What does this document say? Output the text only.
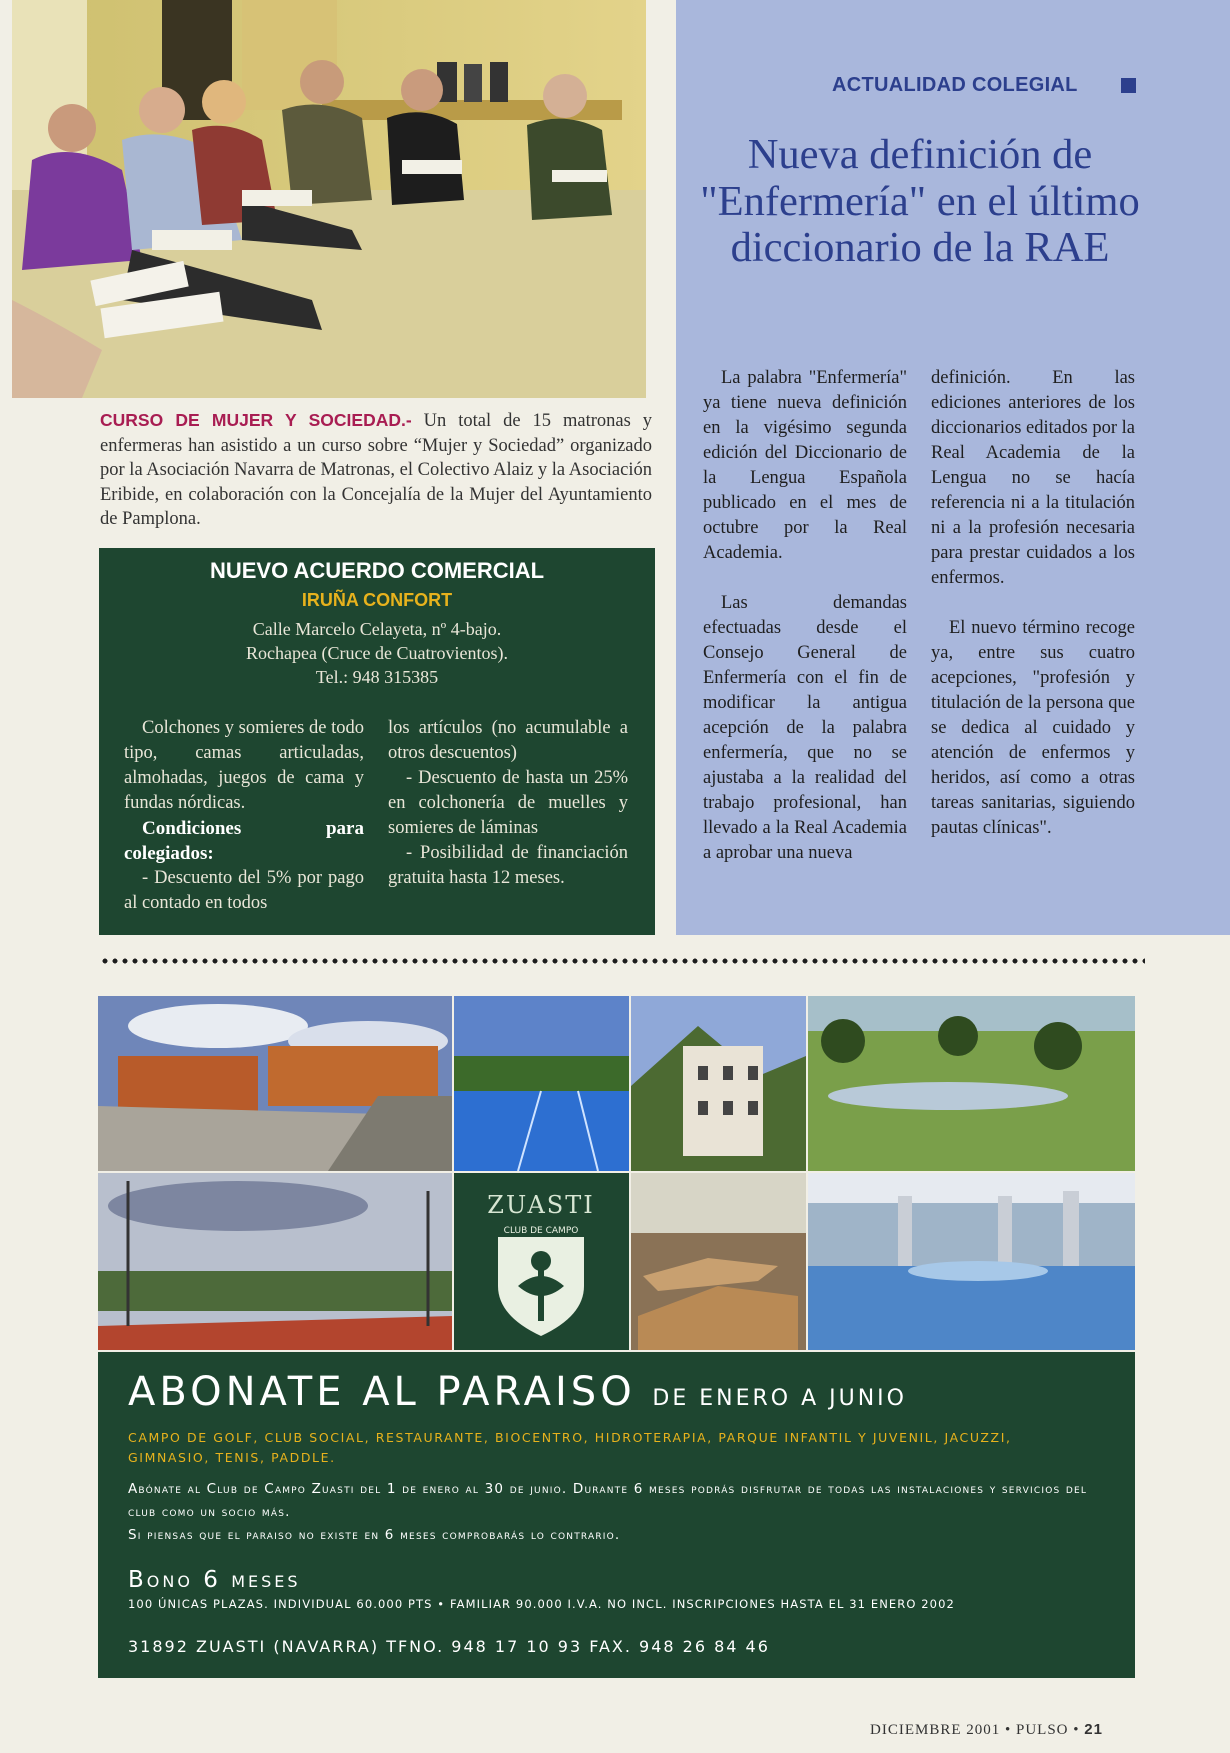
CURSO DE MUJER Y SOCIEDAD.- Un total de 15 matronas y enfermeras han asistido a un curso sobre “Mujer y Sociedad” organizado por la Asociación Navarra de Matronas, el Colectivo Alaiz y la Asociación Eribide, en colaboración con la Concejalía de la Mujer del Ayuntamiento de Pamplona.
NUEVO ACUERDO COMERCIAL
IRUÑA CONFORT
Calle Marcelo Celayeta, nº 4-bajo.
Rochapea (Cruce de Cuatrovientos).
Tel.: 948 315385
Colchones y somieres de todo tipo, camas articuladas, almohadas, juegos de cama y fundas nórdicas.
Condiciones para colegiados:
- Descuento del 5% por pago al contado en todos
los artículos (no acumulable a otros descuentos)
- Descuento de hasta un 25% en colchonería de muelles y somieres de láminas
- Posibilidad de financiación gratuita hasta 12 meses.
ACTUALIDAD COLEGIAL
Nueva definición de "Enfermería" en el último diccionario de la RAE

La palabra "Enfermería" ya tiene nueva definición en la vigésimo segunda edición del Diccionario de la Lengua Española publicado en el mes de octubre por la Real Academia.

Las demandas efectuadas desde el Consejo General de Enfermería con el fin de modificar la antigua acepción de la palabra enfermería, que no se ajustaba a la realidad del trabajo profesional, han llevado a la Real Academia a aprobar una nueva

definición. En las ediciones anteriores de los diccionarios editados por la Real Academia de la Lengua no se hacía referencia ni a la titulación ni a la profesión necesaria para prestar cuidados a los enfermos.

El nuevo término recoge ya, entre sus cuatro acepciones, "profesión y titulación de la persona que se dedica al cuidado y atención de enfermos y heridos, así como a otras tareas sanitarias, siguiendo pautas clínicas".

ZUASTI
CLUB DE CAMPO
ABONATE AL PARAISO DE ENERO A JUNIO
CAMPO DE GOLF, CLUB SOCIAL, RESTAURANTE, BIOCENTRO, HIDROTERAPIA, PARQUE INFANTIL Y JUVENIL, JACUZZI, GIMNASIO, TENIS, PADDLE.
Abónate al Club de Campo Zuasti del 1 de enero al 30 de junio. Durante 6 meses podrás disfrutar de todas las instalaciones y servicios del club como un socio más.
Si piensas que el paraiso no existe en 6 meses comprobarás lo contrario.
Bono 6 meses
100 ÚNICAS PLAZAS. INDIVIDUAL 60.000 PTS • FAMILIAR 90.000 I.V.A. NO INCL. INSCRIPCIONES HASTA EL 31 ENERO 2002
31892 ZUASTI (NAVARRA) TFNO. 948 17 10 93 FAX. 948 26 84 46
DICIEMBRE 2001 • PULSO • 21
